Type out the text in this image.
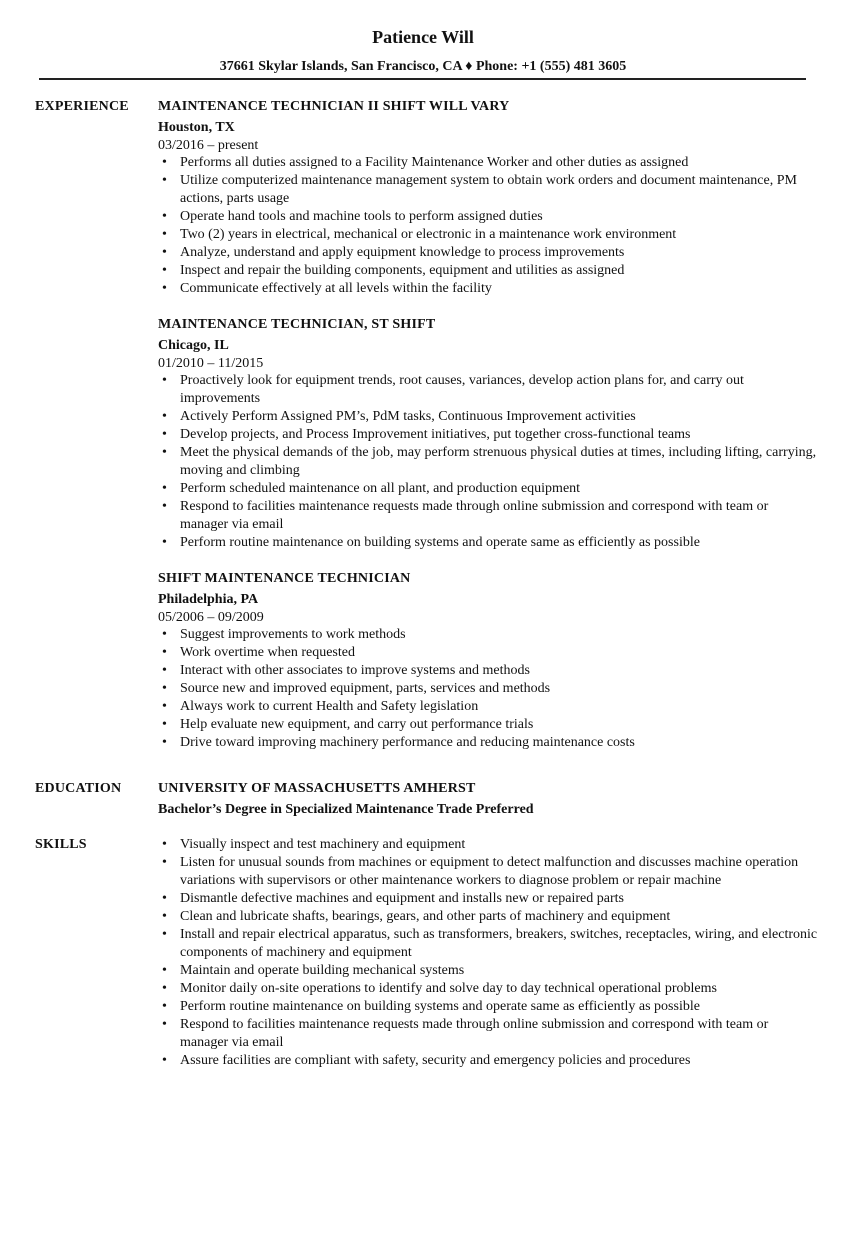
Patience Will
37661 Skylar Islands, San Francisco, CA ♦ Phone: +1 (555) 481 3605
EXPERIENCE MAINTENANCE TECHNICIAN II SHIFT WILL VARY
Houston, TX
03/2016 – present
• Performs all duties assigned to a Facility Maintenance Worker and other duties as assigned
• Utilize computerized maintenance management system to obtain work orders and document maintenance, PM actions, parts usage
• Operate hand tools and machine tools to perform assigned duties
• Two (2) years in electrical, mechanical or electronic in a maintenance work environment
• Analyze, understand and apply equipment knowledge to process improvements
• Inspect and repair the building components, equipment and utilities as assigned
• Communicate effectively at all levels within the facility
MAINTENANCE TECHNICIAN, ST SHIFT
Chicago, IL
01/2010 – 11/2015
• Proactively look for equipment trends, root causes, variances, develop action plans for, and carry out improvements
• Actively Perform Assigned PM’s, PdM tasks, Continuous Improvement activities
• Develop projects, and Process Improvement initiatives, put together cross-functional teams
• Meet the physical demands of the job, may perform strenuous physical duties at times, including lifting, carrying, moving and climbing
• Perform scheduled maintenance on all plant, and production equipment
• Respond to facilities maintenance requests made through online submission and correspond with team or manager via email
• Perform routine maintenance on building systems and operate same as efficiently as possible
SHIFT MAINTENANCE TECHNICIAN
Philadelphia, PA
05/2006 – 09/2009
• Suggest improvements to work methods
• Work overtime when requested
• Interact with other associates to improve systems and methods
• Source new and improved equipment, parts, services and methods
• Always work to current Health and Safety legislation
• Help evaluate new equipment, and carry out performance trials
• Drive toward improving machinery performance and reducing maintenance costs
EDUCATION	UNIVERSITY OF MASSACHUSETTS AMHERST
Bachelor’s Degree in Specialized Maintenance Trade Preferred
SKILLS
•	Visually inspect and test machinery and equipment
• Listen for unusual sounds from machines or equipment to detect malfunction and discusses machine operation variations with supervisors or other maintenance workers to diagnose problem or repair machine
• Dismantle defective machines and equipment and installs new or repaired parts
• Clean and lubricate shafts, bearings, gears, and other parts of machinery and equipment
• Install and repair electrical apparatus, such as transformers, breakers, switches, receptacles, wiring, and electronic components of machinery and equipment
• Maintain and operate building mechanical systems
• Monitor daily on-site operations to identify and solve day to day technical operational problems
• Perform routine maintenance on building systems and operate same as efficiently as possible
• Respond to facilities maintenance requests made through online submission and correspond with team or manager via email
• Assure facilities are compliant with safety, security and emergency policies and procedures
